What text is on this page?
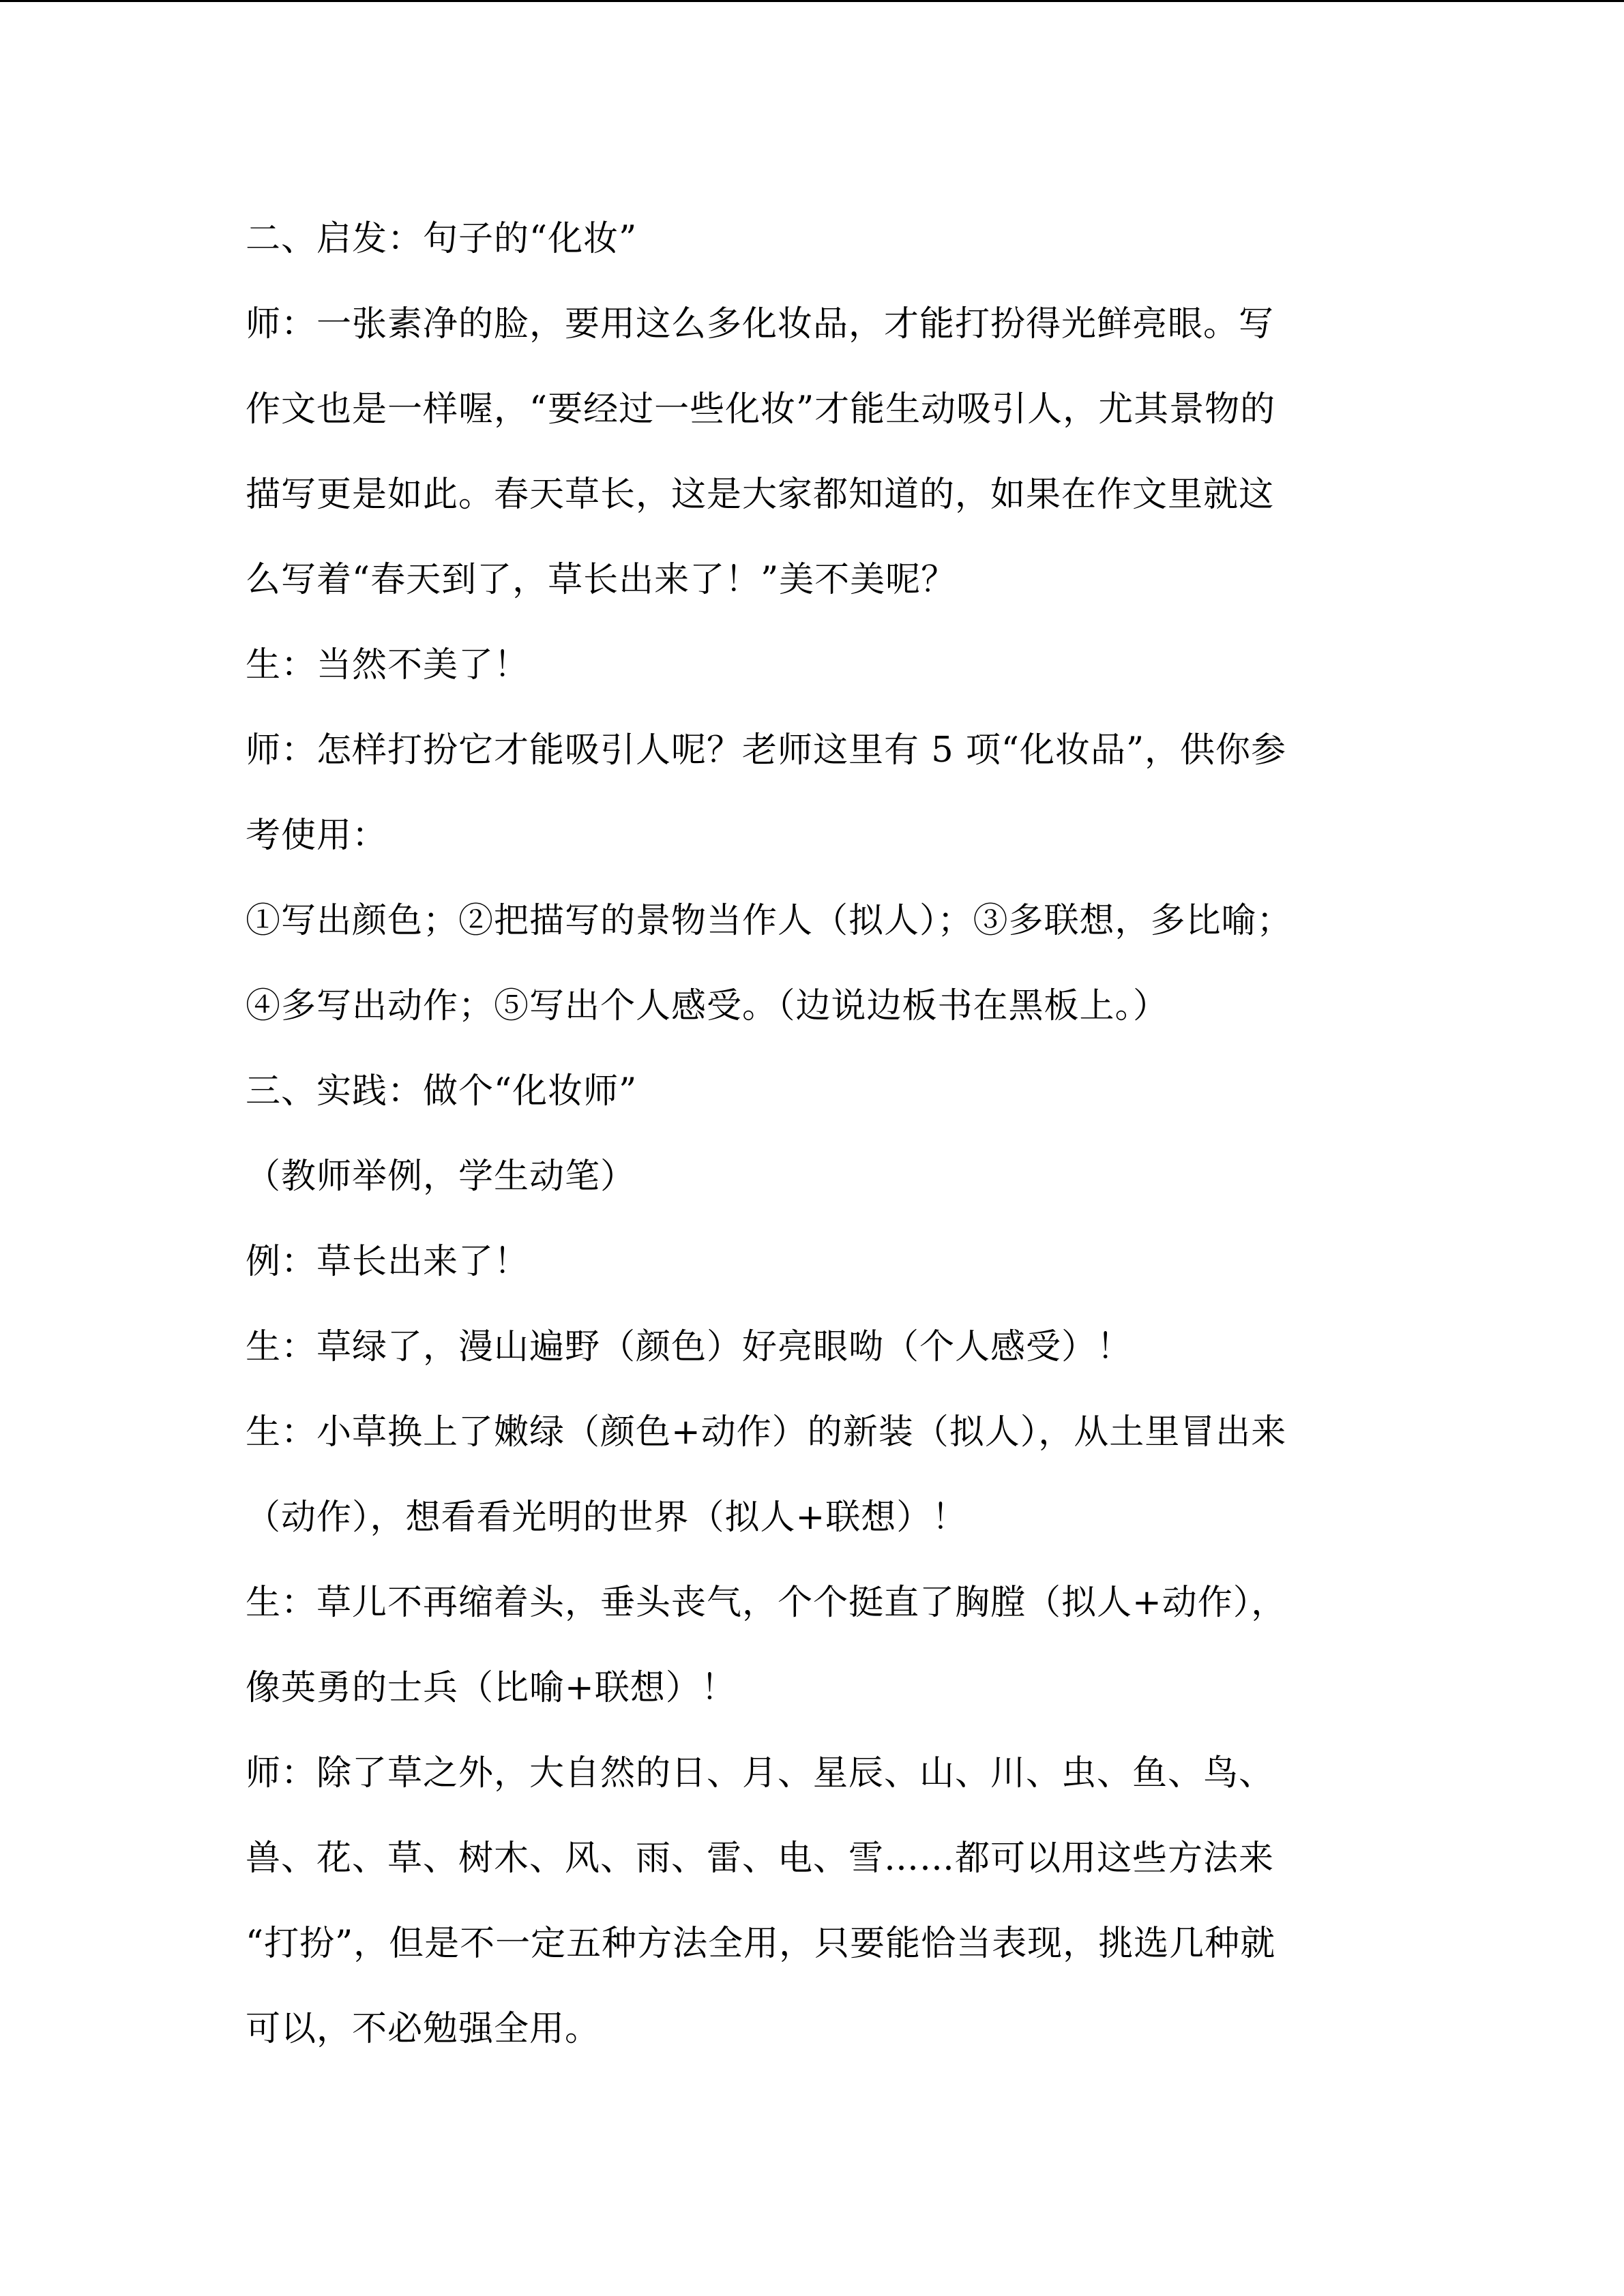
二、启发：句子的“化妆”
师：一张素净的脸，要用这么多化妆品，才能打扮得光鲜亮眼。写
作文也是一样喔，“要经过一些化妆”才能生动吸引人，尤其景物的
描写更是如此。春天草长，这是大家都知道的，如果在作文里就这
么写着“春天到了，草长出来了！”美不美呢？
生：当然不美了！
师：怎样打扮它才能吸引人呢？老师这里有 5 项“化妆品”，供你参
考使用：
①写出颜色；②把描写的景物当作人（拟人）；③多联想，多比喻；
④多写出动作；⑤写出个人感受。（边说边板书在黑板上。）
三、实践：做个“化妆师”
（教师举例，学生动笔）
例：草长出来了！
生：草绿了，漫山遍野（颜色）好亮眼呦（个人感受）！
生：小草换上了嫩绿（颜色+动作）的新装（拟人），从土里冒出来
（动作），想看看光明的世界（拟人+联想）！
生：草儿不再缩着头，垂头丧气，个个挺直了胸膛（拟人+动作），
像英勇的士兵（比喻+联想）！
师：除了草之外，大自然的日、月、星辰、山、川、虫、鱼、鸟、
兽、花、草、树木、风、雨、雷、电、雪……都可以用这些方法来
“打扮”，但是不一定五种方法全用，只要能恰当表现，挑选几种就
可以，不必勉强全用。
